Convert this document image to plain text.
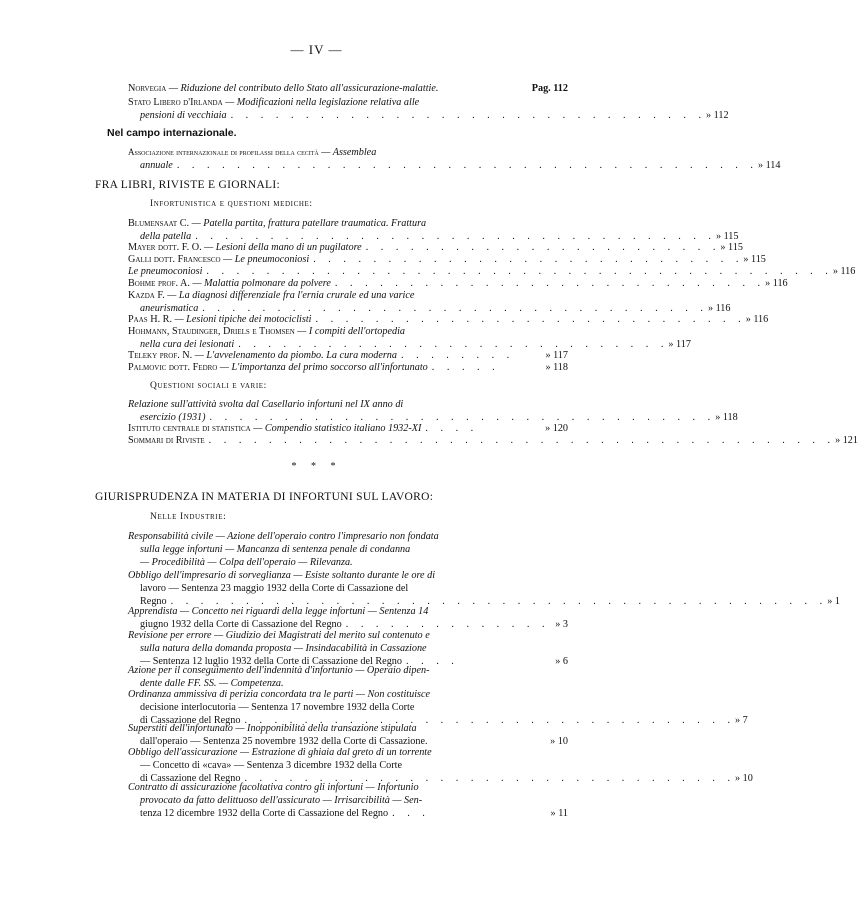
— IV —
Norvegia — Riduzione del contributo dello Stato all'assicurazione-malattie.	Pag. 112
Stato Libero d'Irlanda — Modificazioni nella legislazione relativa alle
pensioni di vecchiaia . . . . . . . . . . . . . . . . . . . . . . . . . . . . . . . . » 112
Nel campo internazionale.
Associazione internazionale di profilassi della cecità — Assemblea
annuale . . . . . . . . . . . . . . . . . . . . . . . . . . . . . . . . . . . . . . . » 114
FRA LIBRI, RIVISTE E GIORNALI:
Infortunistica e questioni mediche:
Blumensaat C. — Patella partita, frattura patellare traumatica. Frattura
della patella . . . . . . . . . . . . . . . . . . . . . . . . . . . . . . . . . . . » 115
Mayer dott. F. O. — Lesioni della mano di un pugilatore . . . . . . . . . . . . . . . . . . . . . . . . » 115
Galli dott. Francesco — Le pneumoconiosi . . . . . . . . . . . . . . . . . . . . . . . . . . . . . » 115
Le pneumoconiosi . . . . . . . . . . . . . . . . . . . . . . . . . . . . . . . . . . . . . . . . . . » 116
Bohme prof. A. — Malattia polmonare da polvere . . . . . . . . . . . . . . . . . . . . . . . . . . . . . » 116
Kazda F. — La diagnosi differenziale fra l'ernia crurale ed una varice
aneurismatica . . . . . . . . . . . . . . . . . . . . . . . . . . . . . . . . . . » 116
Paas H. R. — Lesioni tipiche dei motociclisti . . . . . . . . . . . . . . . . . . . . . . . . . . . . . » 116
Hohmann, Staudinger, Driels e Thomsen — I compiti dell'ortopedia
nella cura dei lesionati . . . . . . . . . . . . . . . . . . . . . . . . . . . . . » 117
Teleky prof. N. — L'avvelenamento da piombo. La cura moderna . . . . . . . .	» 117
Palmovic dott. Fedro — L'importanza del primo soccorso all'infortunato . . . . .	» 118
Questioni sociali e varie:
Relazione sull'attività svolta dal Casellario infortuni nel IX anno di
esercizio (1931) . . . . . . . . . . . . . . . . . . . . . . . . . . . . . . . . . . » 118
Istituto centrale di statistica — Compendio statistico italiano 1932-XI . . . .	» 120
Sommari di Riviste . . . . . . . . . . . . . . . . . . . . . . . . . . . . . . . . . . . . . . . . . . » 121
* * *
GIURISPRUDENZA IN MATERIA DI INFORTUNI SUL LAVORO:
Nelle Industrie:
Responsabilità civile — Azione dell'operaio contro l'impresario non fondata
sulla legge infortuni — Mancanza di sentenza penale di condanna
— Procedibilità — Colpa dell'operaio — Rilevanza.
Obbligo dell'impresario di sorveglianza — Esiste soltanto durante le ore di
lavoro — Sentenza 23 maggio 1932 della Corte di Cassazione del
Regno . . . . . . . . . . . . . . . . . . . . . . . . . . . . . . . . . . . . . . . . . . . . » 1
Apprendista — Concetto nei riguardi della legge infortuni — Sentenza 14
giugno 1932 della Corte di Cassazione del Regno . . . . . . . . . . . . . . » 3
Revisione per errore — Giudizio dei Magistrati del merito sul contenuto e
sulla natura della domanda proposta — Insindacabilità in Cassazione
— Sentenza 12 luglio 1932 della Corte di Cassazione del Regno . . . .	» 6
Azione per il conseguimento dell'indennità d'infortunio — Operaio dipen-
dente dalle FF. SS. — Competenza.
Ordinanza ammissiva di perizia concordata tra le parti — Non costituisce
decisione interlocutoria — Sentenza 17 novembre 1932 della Corte
di Cassazione del Regno . . . . . . . . . . . . . . . . . . . . . . . . . . . . . . . . . » 7
Superstiti dell'infortunato — Inopponibilità della transazione stipulata
dall'operaio — Sentenza 25 novembre 1932 della Corte di Cassazione.	» 10
Obbligo dell'assicurazione — Estrazione di ghiaia dal greto di un torrente
— Concetto di «cava» — Sentenza 3 dicembre 1932 della Corte
di Cassazione del Regno . . . . . . . . . . . . . . . . . . . . . . . . . . . . . . . . . » 10
Contratto di assicurazione facoltativa contro gli infortuni — Infortunio
provocato da fatto delittuoso dell'assicurato — Irrisarcibilità — Sen-
tenza 12 dicembre 1932 della Corte di Cassazione del Regno . . .	» 11
